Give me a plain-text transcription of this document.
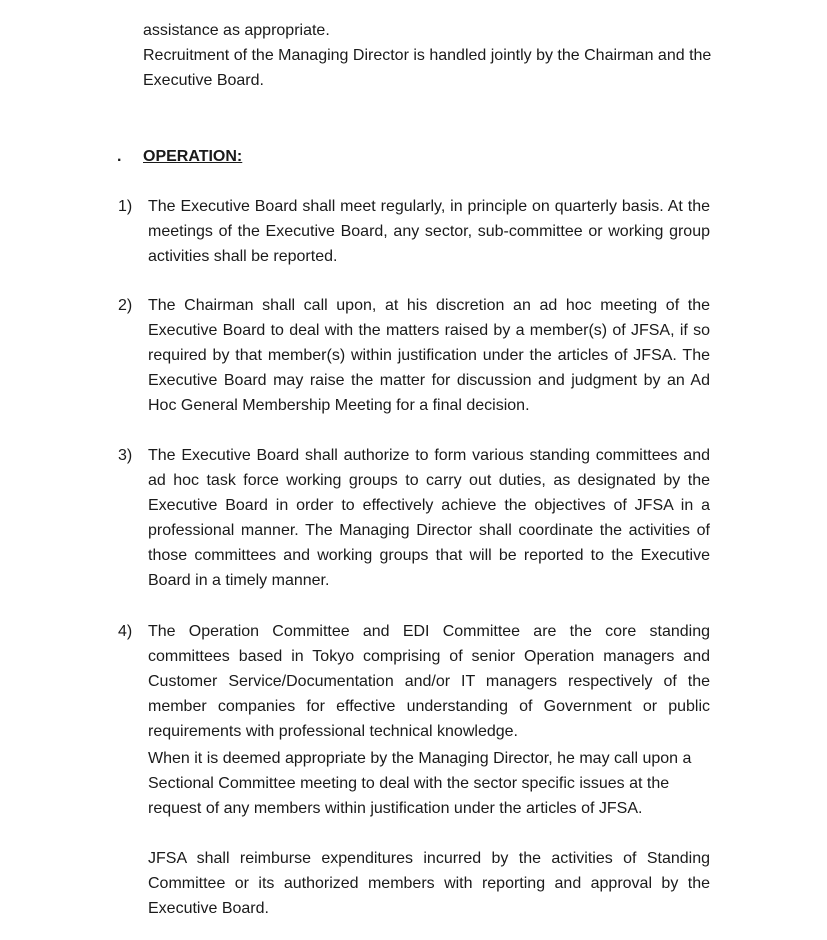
assistance as appropriate.

Recruitment of the Managing Director is handled jointly by the Chairman and the Executive Board.

. OPERATION:
1) The Executive Board shall meet regularly, in principle on quarterly basis. At the meetings of the Executive Board, any sector, sub-committee or working group activities shall be reported.

2) The Chairman shall call upon, at his discretion an ad hoc meeting of the Executive Board to deal with the matters raised by a member(s) of JFSA, if so required by that member(s) within justification under the articles of JFSA. The Executive Board may raise the matter for discussion and judgment by an Ad Hoc General Membership Meeting for a final decision.

3) The Executive Board shall authorize to form various standing committees and ad hoc task force working groups to carry out duties, as designated by the Executive Board in order to effectively achieve the objectives of JFSA in a professional manner. The Managing Director shall coordinate the activities of those committees and working groups that will be reported to the Executive Board in a timely manner.

4) The Operation Committee and EDI Committee are the core standing committees based in Tokyo comprising of senior Operation managers and Customer Service/Documentation and/or IT managers respectively of the member companies for effective understanding of Government or public requirements with professional technical knowledge.

When it is deemed appropriate by the Managing Director, he may call upon a Sectional Committee meeting to deal with the sector specific issues at the request of any members within justification under the articles of JFSA.

JFSA shall reimburse expenditures incurred by the activities of Standing Committee or its authorized members with reporting and approval by the Executive Board.
